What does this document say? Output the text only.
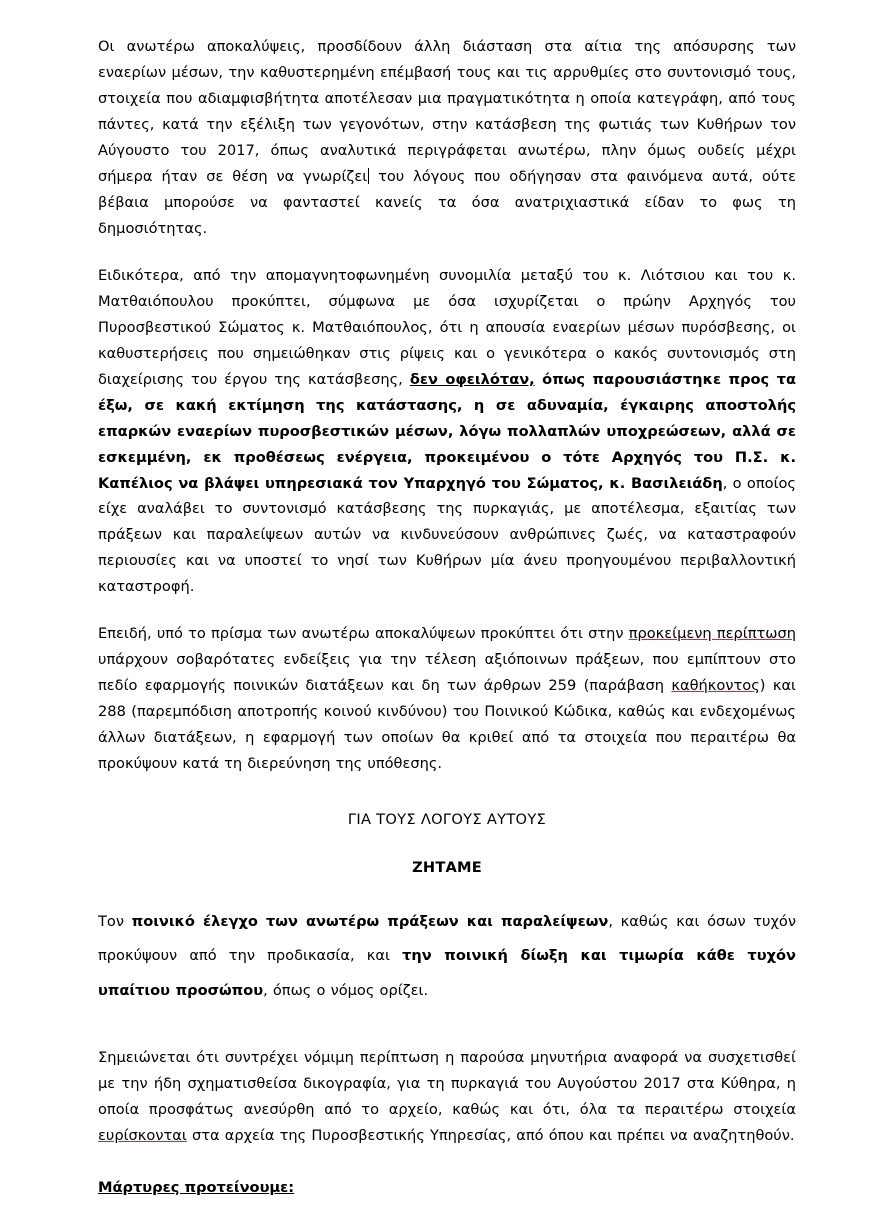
Οι ανωτέρω αποκαλύψεις, προσδίδουν άλλη διάσταση στα αίτια της απόσυρσης των εναερίων μέσων, την καθυστερημένη επέμβασή τους και τις αρρυθμίες στο συντονισμό τους, στοιχεία που αδιαμφισβήτητα αποτέλεσαν μια πραγματικότητα η οποία κατεγράφη, από τους πάντες, κατά την εξέλιξη των γεγονότων, στην κατάσβεση της φωτιάς των Κυθήρων τον Αύγουστο του 2017, όπως αναλυτικά περιγράφεται ανωτέρω, πλην όμως ουδείς μέχρι σήμερα ήταν σε θέση να γνωρίζει του λόγους που οδήγησαν στα φαινόμενα αυτά, ούτε βέβαια μπορούσε να φανταστεί κανείς τα όσα ανατριχιαστικά είδαν το φως τη δημοσιότητας.

Ειδικότερα, από την απομαγνητοφωνημένη συνομιλία μεταξύ του κ. Λιότσιου και του κ. Ματθαιόπουλου προκύπτει, σύμφωνα με όσα ισχυρίζεται ο πρώην Αρχηγός του Πυροσβεστικού Σώματος κ. Ματθαιόπουλος, ότι η απουσία εναερίων μέσων πυρόσβεσης, οι καθυστερήσεις που σημειώθηκαν στις ρίψεις και ο γενικότερα ο κακός συντονισμός στη διαχείρισης του έργου της κατάσβεσης, δεν οφειλόταν, όπως παρουσιάστηκε προς τα έξω, σε κακή εκτίμηση της κατάστασης, η σε αδυναμία, έγκαιρης αποστολής επαρκών εναερίων πυροσβεστικών μέσων, λόγω πολλαπλών υποχρεώσεων, αλλά σε εσκεμμένη, εκ προθέσεως ενέργεια, προκειμένου ο τότε Αρχηγός του Π.Σ. κ. Καπέλιος να βλάψει υπηρεσιακά τον Υπαρχηγό του Σώματος, κ. Βασιλειάδη, ο οποίος είχε αναλάβει το συντονισμό κατάσβεσης της πυρκαγιάς, με αποτέλεσμα, εξαιτίας των πράξεων και παραλείψεων αυτών να κινδυνεύσουν ανθρώπινες ζωές, να καταστραφούν περιουσίες και να υποστεί το νησί των Κυθήρων μία άνευ προηγουμένου περιβαλλοντική καταστροφή.

Επειδή, υπό το πρίσμα των ανωτέρω αποκαλύψεων προκύπτει ότι στην προκείμενη περίπτωση υπάρχουν σοβαρότατες ενδείξεις για την τέλεση αξιόποινων πράξεων, που εμπίπτουν στο πεδίο εφαρμογής ποινικών διατάξεων και δη των άρθρων 259 (παράβαση καθήκοντος) και 288 (παρεμπόδιση αποτροπής κοινού κινδύνου) του Ποινικού Κώδικα, καθώς και ενδεχομένως άλλων διατάξεων, η εφαρμογή των οποίων θα κριθεί από τα στοιχεία που περαιτέρω θα προκύψουν κατά τη διερεύνηση της υπόθεσης.

ΓΙΑ ΤΟΥΣ ΛΟΓΟΥΣ ΑΥΤΟΥΣ

ΖΗΤΑΜΕ

Τον ποινικό έλεγχο των ανωτέρω πράξεων και παραλείψεων, καθώς και όσων τυχόν προκύψουν από την προδικασία, και την ποινική δίωξη και τιμωρία κάθε τυχόν υπαίτιου προσώπου, όπως ο νόμος ορίζει.

Σημειώνεται ότι συντρέχει νόμιμη περίπτωση η παρούσα μηνυτήρια αναφορά να συσχετισθεί με την ήδη σχηματισθείσα δικογραφία, για τη πυρκαγιά του Αυγούστου 2017 στα Κύθηρα, η οποία προσφάτως ανεσύρθη από το αρχείο, καθώς και ότι, όλα τα περαιτέρω στοιχεία ευρίσκονται στα αρχεία της Πυροσβεστικής Υπηρεσίας, από όπου και πρέπει να αναζητηθούν.

Μάρτυρες προτείνουμε:
